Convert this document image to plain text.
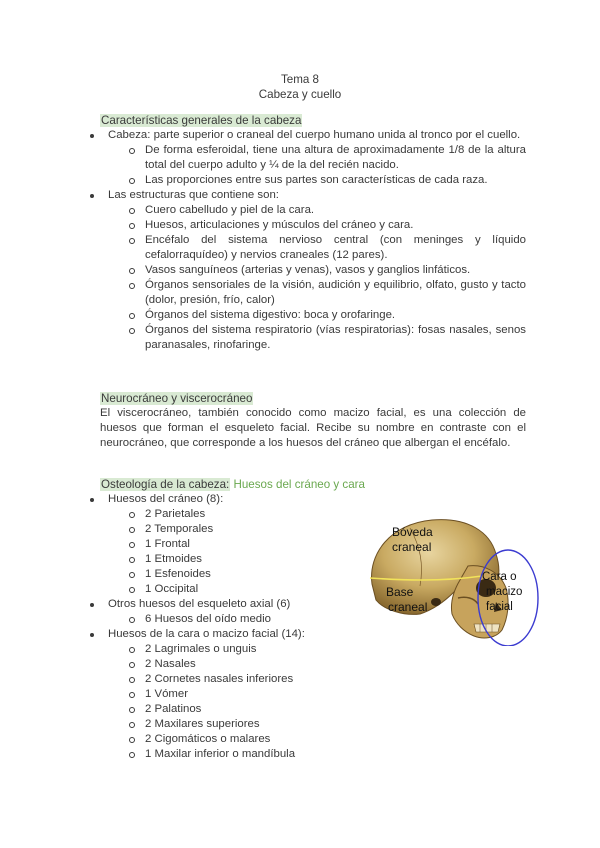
Tema 8
Cabeza y cuello
Características generales de la cabeza
Cabeza: parte superior o craneal del cuerpo humano unida al tronco por el cuello.
De forma esferoidal, tiene una altura de aproximadamente 1/8 de la altura total del cuerpo adulto y ¼ de la del recién nacido.
Las proporciones entre sus partes son características de cada raza.
Las estructuras que contiene son:
Cuero cabelludo y piel de la cara.
Huesos, articulaciones y músculos del cráneo y cara.
Encéfalo del sistema nervioso central (con meninges y líquido cefalorraquídeo) y nervios craneales (12 pares).
Vasos sanguíneos (arterias y venas), vasos y ganglios linfáticos.
Órganos sensoriales de la visión, audición y equilibrio, olfato, gusto y tacto (dolor, presión, frío, calor)
Órganos del sistema digestivo: boca y orofaringe.
Órganos del sistema respiratorio (vías respiratorias): fosas nasales, senos paranasales, rinofaringe.
Neurocráneo y viscerocráneo
El viscerocráneo, también conocido como macizo facial, es una colección de huesos que forman el esqueleto facial. Recibe su nombre en contraste con el neurocráneo, que corresponde a los huesos del cráneo que albergan el encéfalo.
Osteología de la cabeza: Huesos del cráneo y cara
Huesos del cráneo (8):
2 Parietales
2 Temporales
1 Frontal
1 Etmoides
1 Esfenoides
1 Occipital
Otros huesos del esqueleto axial (6)
6 Huesos del oído medio
Huesos de la cara o macizo facial (14):
2 Lagrimales o unguis
2 Nasales
2 Cornetes nasales inferiores
1 Vómer
2 Palatinos
2 Maxilares superiores
2 Cigomáticos o malares
1 Maxilar inferior o mandíbula
Bóveda
craneal
Base
craneal
Cara o
macizo
facial
